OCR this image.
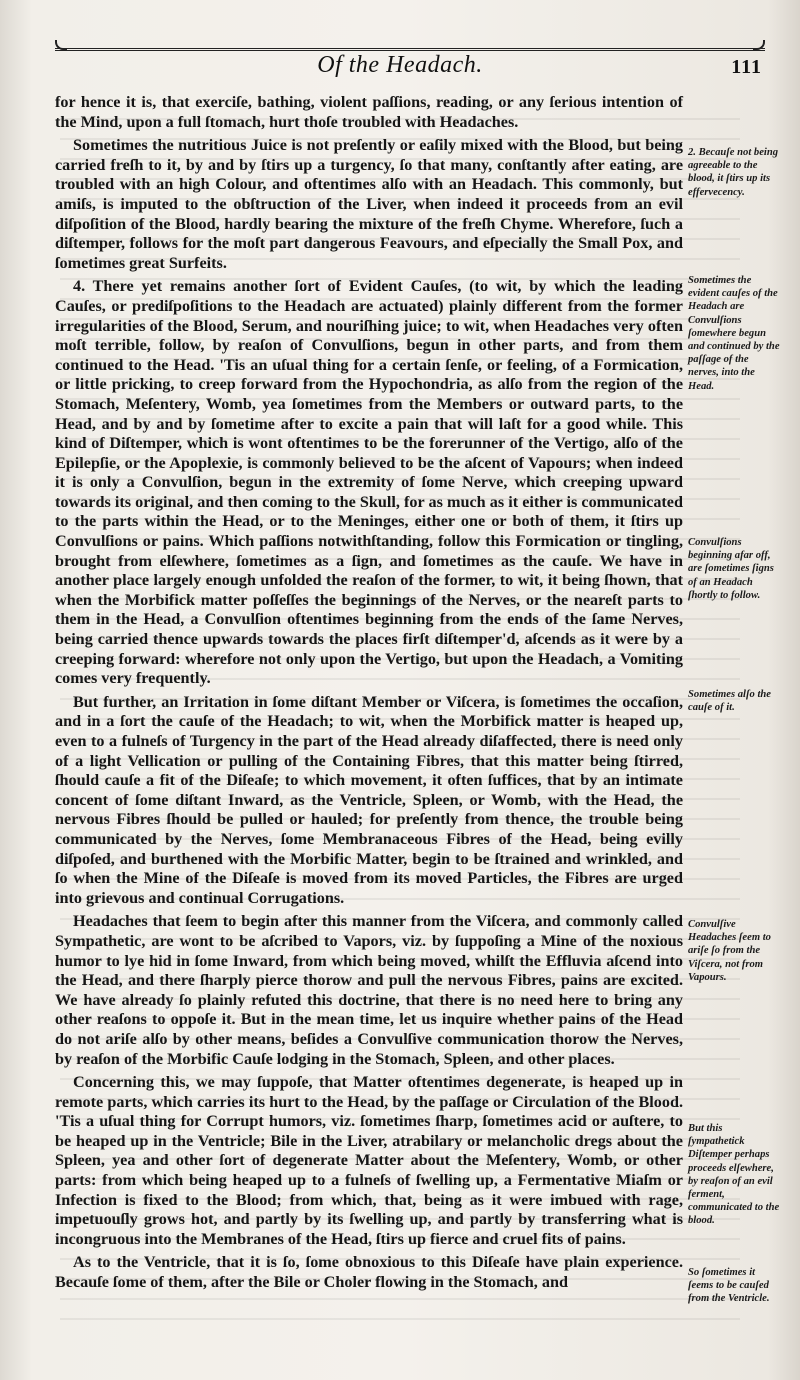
Of the Headach.	111

for hence it is, that exerciſe, bathing, violent paſſions, reading, or any ſerious intention of the Mind, upon a full ſtomach, hurt thoſe troubled with Headaches.

Sometimes the nutritious Juice is not preſently or eaſily mixed with the Blood, but being carried freſh to it, by and by ſtirs up a turgency, ſo that many, conſtantly after eating, are troubled with an high Colour, and oftentimes alſo with an Headach. This commonly, but amiſs, is imputed to the obſtruction of the Liver, when indeed it proceeds from an evil diſpoſition of the Blood, hardly bearing the mixture of the freſh Chyme. Wherefore, ſuch a diſtemper, follows for the moſt part dangerous Feavours, and eſpecially the Small Pox, and ſometimes great Surfeits.

4. There yet remains another ſort of Evident Cauſes, (to wit, by which the leading Cauſes, or prediſpoſitions to the Headach are actuated) plainly different from the former irregularities of the Blood, Serum, and nouriſhing juice; to wit, when Headaches very often moſt terrible, follow, by reaſon of Convulſions, begun in other parts, and from them continued to the Head. 'Tis an uſual thing for a certain ſenſe, or feeling, of a Formication, or little pricking, to creep forward from the Hypochondria, as alſo from the region of the Stomach, Meſentery, Womb, yea ſometimes from the Members or outward parts, to the Head, and by and by ſometime after to excite a pain that will laſt for a good while. This kind of Diſtemper, which is wont oftentimes to be the forerunner of the Vertigo, alſo of the Epilepſie, or the Apoplexie, is commonly believed to be the aſcent of Vapours; when indeed it is only a Convulſion, begun in the extremity of ſome Nerve, which creeping upward towards its original, and then coming to the Skull, for as much as it either is communicated to the parts within the Head, or to the Meninges, either one or both of them, it ſtirs up Convulſions or pains. Which paſſions notwithſtanding, follow this Formication or tingling, brought from elſewhere, ſometimes as a ſign, and ſometimes as the cauſe. We have in another place largely enough unfolded the reaſon of the former, to wit, it being ſhown, that when the Morbifick matter poſſeſſes the beginnings of the Nerves, or the neareſt parts to them in the Head, a Convulſion oftentimes beginning from the ends of the ſame Nerves, being carried thence upwards towards the places firſt diſtemper'd, aſcends as it were by a creeping forward: wherefore not only upon the Vertigo, but upon the Headach, a Vomiting comes very frequently.

But further, an Irritation in ſome diſtant Member or Viſcera, is ſometimes the occaſion, and in a ſort the cauſe of the Headach; to wit, when the Morbifick matter is heaped up, even to a fulneſs of Turgency in the part of the Head already diſaffected, there is need only of a light Vellication or pulling of the Containing Fibres, that this matter being ſtirred, ſhould cauſe a fit of the Diſeaſe; to which movement, it often ſuffices, that by an intimate concent of ſome diſtant Inward, as the Ventricle, Spleen, or Womb, with the Head, the nervous Fibres ſhould be pulled or hauled; for preſently from thence, the trouble being communicated by the Nerves, ſome Membranaceous Fibres of the Head, being evilly diſpoſed, and burthened with the Morbific Matter, begin to be ſtrained and wrinkled, and ſo when the Mine of the Diſeaſe is moved from its moved Particles, the Fibres are urged into grievous and continual Corrugations.

Headaches that ſeem to begin after this manner from the Viſcera, and commonly called Sympathetic, are wont to be aſcribed to Vapors, viz. by ſuppoſing a Mine of the noxious humor to lye hid in ſome Inward, from which being moved, whilſt the Effluvia aſcend into the Head, and there ſharply pierce thorow and pull the nervous Fibres, pains are excited. We have already ſo plainly refuted this doctrine, that there is no need here to bring any other reaſons to oppoſe it. But in the mean time, let us inquire whether pains of the Head do not ariſe alſo by other means, beſides a Convulſive communication thorow the Nerves, by reaſon of the Morbific Cauſe lodging in the Stomach, Spleen, and other places.

Concerning this, we may ſuppoſe, that Matter oftentimes degenerate, is heaped up in remote parts, which carries its hurt to the Head, by the paſſage or Circulation of the Blood. 'Tis a uſual thing for Corrupt humors, viz. ſometimes ſharp, ſometimes acid or auſtere, to be heaped up in the Ventricle; Bile in the Liver, atrabilary or melancholic dregs about the Spleen, yea and other ſort of degenerate Matter about the Meſentery, Womb, or other parts: from which being heaped up to a fulneſs of ſwelling up, a Fermentative Miaſm or Infection is fixed to the Blood; from which, that, being as it were imbued with rage, impetuouſly grows hot, and partly by its ſwelling up, and partly by transferring what is incongruous into the Membranes of the Head, ſtirs up fierce and cruel fits of pains.

As to the Ventricle, that it is ſo, ſome obnoxious to this Diſeaſe have plain experience. Becauſe ſome of them, after the Bile or Choler flowing in the Stomach, and

2. Becauſe not being agreeable to the blood, it ſtirs up its effervecency.
Sometimes the evident cauſes of the Headach are Convulſions ſomewhere begun and continued by the paſſage of the nerves, into the Head.
Convulſions beginning afar off, are ſometimes ſigns of an Headach ſhortly to follow.
Sometimes alſo the cauſe of it.
Convulſive Headaches ſeem to ariſe ſo from the Viſcera, not from Vapours.
But this ſympathetick Diſtemper perhaps proceeds elſewhere, by reaſon of an evil ferment, communicated to the blood.
So ſometimes it ſeems to be cauſed from the Ventricle.
